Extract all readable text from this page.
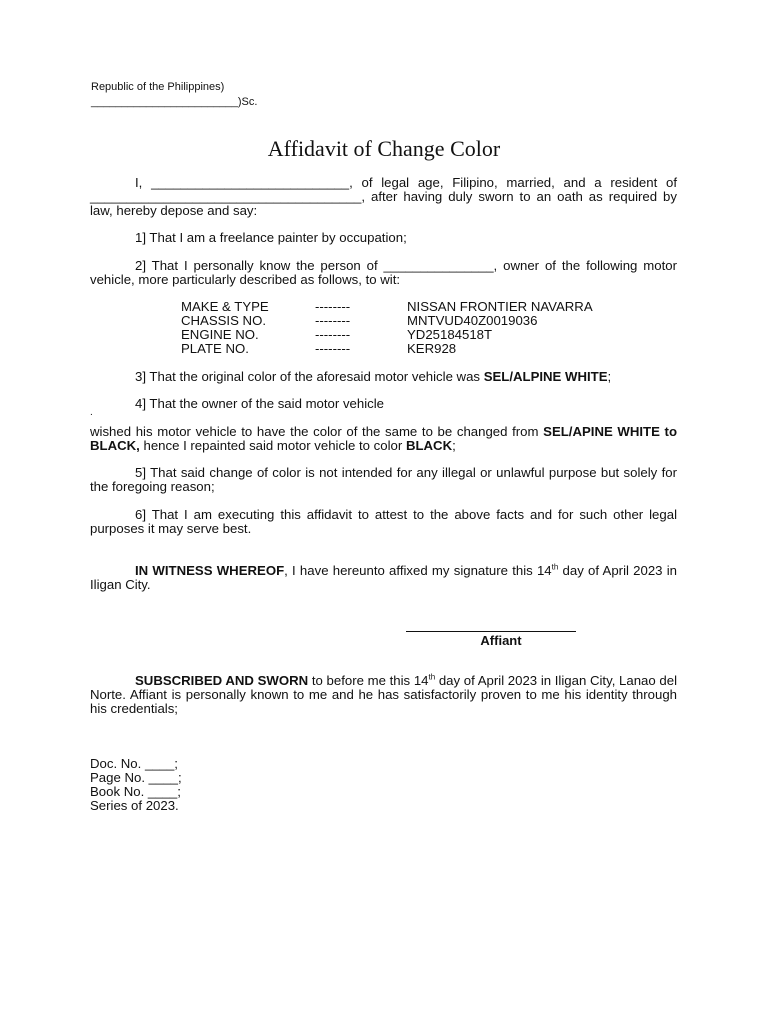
Republic of the Philippines)
________________________)Sc.
Affidavit of Change Color
I, ___________________________, of legal age, Filipino, married, and a resident of
_____________________________________, after having duly sworn to an oath as required by
law, hereby depose and say:
1] That I am a freelance painter by occupation;
2] That I personally know the person of _______________, owner of the following motor
vehicle, more particularly described as follows, to wit:
MAKE & TYPE	--------	NISSAN FRONTIER NAVARRA
CHASSIS NO.	--------	MNTVUD40Z0019036
ENGINE NO.	--------	YD25184518T
PLATE NO.	--------	KER928
3] That the original color of the aforesaid motor vehicle was SEL/ALPINE WHITE;
4] That the owner of the said motor vehicle
.
wished his motor vehicle to have the color of the same to be changed from SEL/APINE WHITE to BLACK, hence I repainted said motor vehicle to color BLACK;
5] That said change of color is not intended for any illegal or unlawful purpose but solely for the foregoing reason;
6] That I am executing this affidavit to attest to the above facts and for such other legal purposes it may serve best.
IN WITNESS WHEREOF, I have hereunto affixed my signature this 14th day of April 2023 in Iligan City.
Affiant
SUBSCRIBED AND SWORN to before me this 14th day of April 2023 in Iligan City, Lanao del Norte. Affiant is personally known to me and he has satisfactorily proven to me his identity through his credentials;
Doc. No. ____;
Page No. ____;
Book No. ____;
Series of 2023.
